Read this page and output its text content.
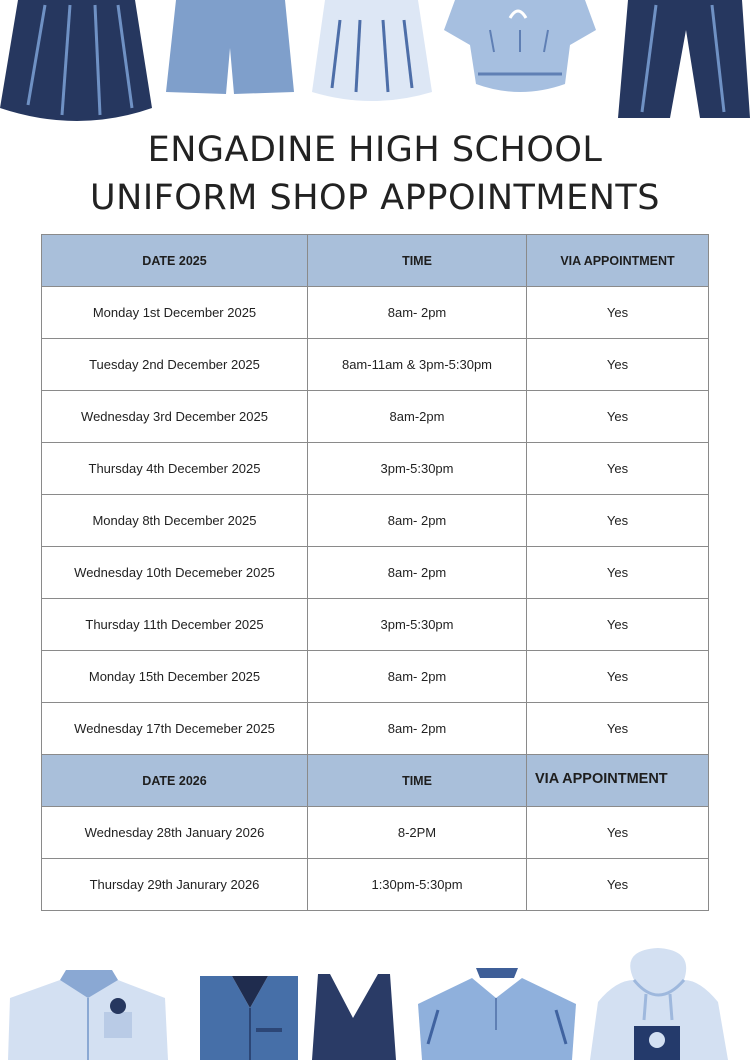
ENGADINE HIGH SCHOOL
UNIFORM SHOP APPOINTMENTS
DATE 2025	TIME	VIA APPOINTMENT
Monday 1st December 2025	8am- 2pm	Yes
Tuesday 2nd December 2025	8am-11am & 3pm-5:30pm	Yes
Wednesday 3rd December 2025	8am-2pm	Yes
Thursday 4th December 2025	3pm-5:30pm	Yes
Monday 8th December 2025	8am- 2pm	Yes
Wednesday 10th Decemeber 2025	8am- 2pm	Yes
Thursday 11th December 2025	3pm-5:30pm	Yes
Monday 15th December 2025	8am- 2pm	Yes
Wednesday 17th Decemeber 2025	8am- 2pm	Yes
DATE 2026	TIME	VIA APPOINTMENT
Wednesday 28th January 2026	8-2PM	Yes
Thursday 29th Janurary 2026	1:30pm-5:30pm	Yes
